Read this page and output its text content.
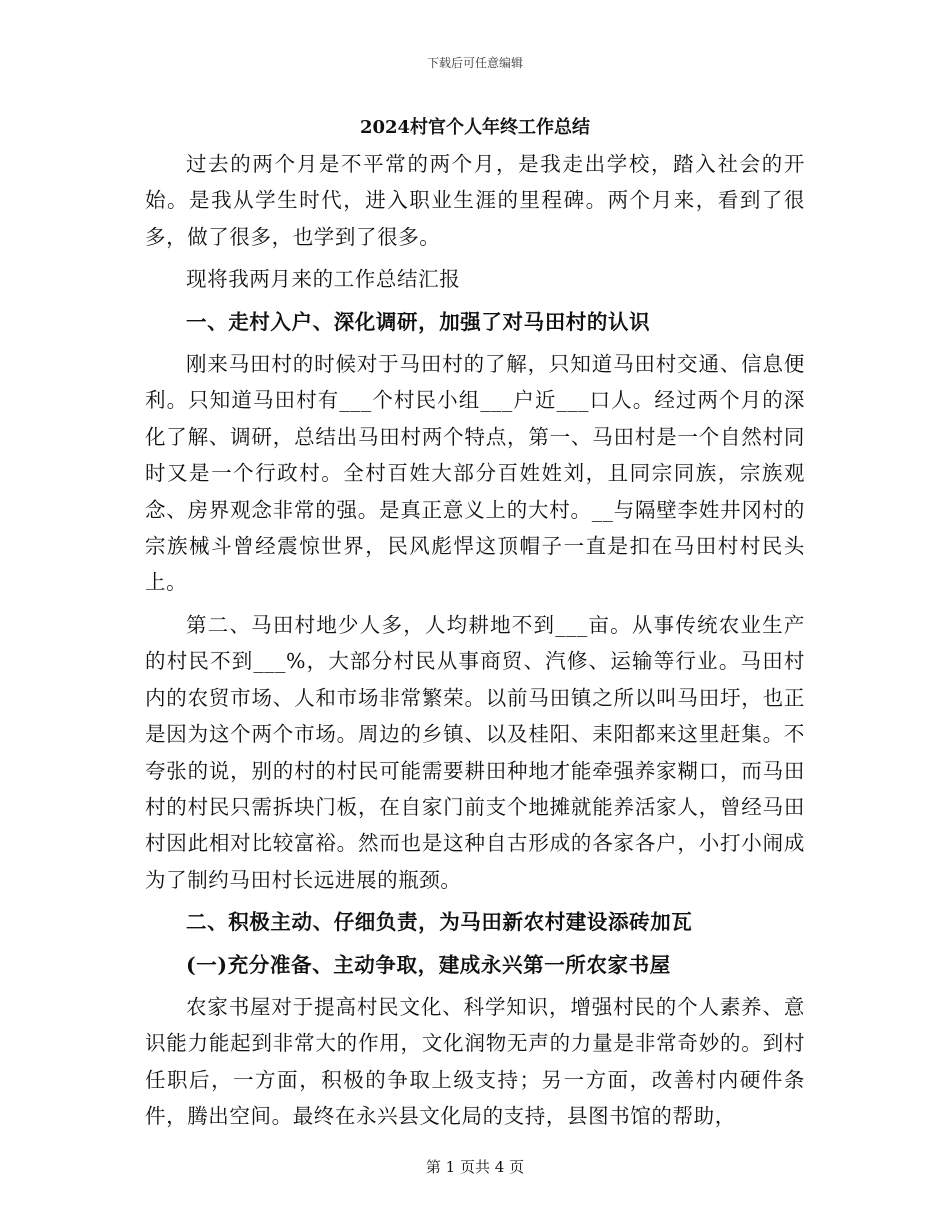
下载后可任意编辑
2024村官个人年终工作总结

过去的两个月是不平常的两个月，是我走出学校，踏入社会的开始。是我从学生时代，进入职业生涯的里程碑。两个月来，看到了很多，做了很多，也学到了很多。

现将我两月来的工作总结汇报

一、走村入户、深化调研，加强了对马田村的认识

刚来马田村的时候对于马田村的了解，只知道马田村交通、信息便利。只知道马田村有___个村民小组___户近___口人。经过两个月的深化了解、调研，总结出马田村两个特点，第一、马田村是一个自然村同时又是一个行政村。全村百姓大部分百姓姓刘，且同宗同族，宗族观念、房界观念非常的强。是真正意义上的大村。__与隔壁李姓井冈村的宗族械斗曾经震惊世界，民风彪悍这顶帽子一直是扣在马田村村民头上。

第二、马田村地少人多，人均耕地不到___亩。从事传统农业生产的村民不到___%，大部分村民从事商贸、汽修、运输等行业。马田村内的农贸市场、人和市场非常繁荣。以前马田镇之所以叫马田圩，也正是因为这个两个市场。周边的乡镇、以及桂阳、耒阳都来这里赶集。不夸张的说，别的村的村民可能需要耕田种地才能牵强养家糊口，而马田村的村民只需拆块门板，在自家门前支个地摊就能养活家人，曾经马田村因此相对比较富裕。然而也是这种自古形成的各家各户，小打小闹成为了制约马田村长远进展的瓶颈。

二、积极主动、仔细负责，为马田新农村建设添砖加瓦

(一)充分准备、主动争取，建成永兴第一所农家书屋

农家书屋对于提高村民文化、科学知识，增强村民的个人素养、意识能力能起到非常大的作用，文化润物无声的力量是非常奇妙的。到村任职后，一方面，积极的争取上级支持；另一方面，改善村内硬件条件，腾出空间。最终在永兴县文化局的支持，县图书馆的帮助，

第 1 页共 4 页
